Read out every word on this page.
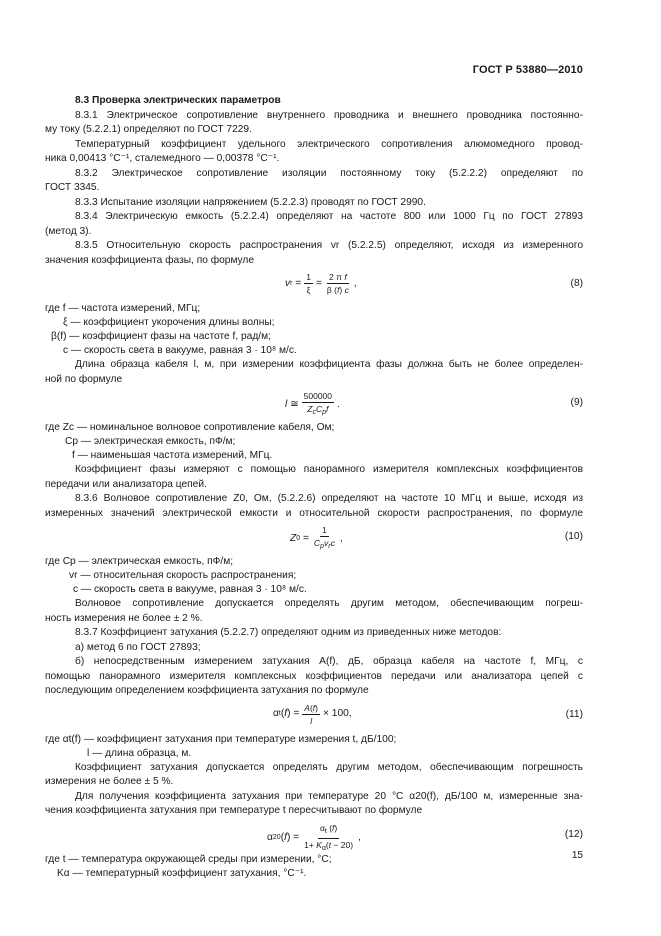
ГОСТ Р 53880—2010

8.3 Проверка электрических параметров

8.3.1 Электрическое сопротивление внутреннего проводника и внешнего проводника постоянно-

му току (5.2.2.1) определяют по ГОСТ 7229.

Температурный коэффициент удельного электрического сопротивления алюмомедного провод-

ника 0,00413 °C⁻¹, сталемедного — 0,00378 °C⁻¹.

8.3.2 Электрическое сопротивление изоляции постоянному току (5.2.2.2) определяют по

ГОСТ 3345.

8.3.3 Испытание изоляции напряжением (5.2.2.3) проводят по ГОСТ 2990.

8.3.4 Электрическую емкость (5.2.2.4) определяют на частоте 800 или 1000 Гц по ГОСТ 27893

(метод 3).

8.3.5 Относительную скорость распространения vr (5.2.2.5) определяют, исходя из измеренного

значения коэффициента фазы, по формуле

v $r = \frac{1}{\xi} = \frac{\text{2 π f}}{\beta (f) c}$ ,	(8)
где f — частота измерений, МГц;
ξ — коэффициент укорочения длины волны;
β(f) — коэффициент фазы на частоте f, рад/м;
c — скорость света в вакууме, равная 3 · 10⁸ м/с.

Длина образца кабеля l, м, при измерении коэффициента фазы должна быть не более определен-

ной по формуле

l ≅ $\frac{500000}{Z_cC_pf}$ .	(9)
где Zc — номинальное волновое сопротивление кабеля, Ом;
Cp — электрическая емкость, пФ/м;
f — наименьшая частота измерений, МГц.

Коэффициент фазы измеряют с помощью панорамного измерителя комплексных коэффициентов

передачи или анализатора цепей.

8.3.6 Волновое сопротивление Z0, Ом, (5.2.2.6) определяют на частоте 10 МГц и выше, исходя из

измеренных значений электрической емкости и относительной скорости распространения, по формуле

Z $0 = \frac{1}{C_pv_rc}$ ,	(10)
где Cp — электрическая емкость, пФ/м;
vr — относительная скорость распространения;
c — скорость света в вакууме, равная 3 · 10⁸ м/с.

Волновое сопротивление допускается определять другим методом, обеспечивающим погреш-

ность измерения не более ± 2 %.

8.3.7 Коэффициент затухания (5.2.2.7) определяют одним из приведенных ниже методов:

а) метод 6 по ГОСТ 27893;

б) непосредственным измерением затухания A(f), дБ, образца кабеля на частоте f, МГц, с

помощью панорамного измерителя комплексных коэффициентов передачи или анализатора цепей с

последующим определением коэффициента затухания по формуле

α t ( f ) = $\frac{A(f)}{l} \times 100$,	(11)
где αt(f) — коэффициент затухания при температуре измерения t, дБ/100;
l — длина образца, м.

Коэффициент затухания допускается определять другим методом, обеспечивающим погрешность

измерения не более ± 5 %.

Для получения коэффициента затухания при температуре 20 °C α20(f), дБ/100 м, измеренные зна-

чения коэффициента затухания при температуре t пересчитывают по формуле

α 20 ( f ) = $\frac{\alpha_t (f)}{1+ K_\alpha(t - 20)}$ ,	(12)
где t — температура окружающей среды при измерении, °C;
Kα — температурный коэффициент затухания, °C⁻¹.
15
